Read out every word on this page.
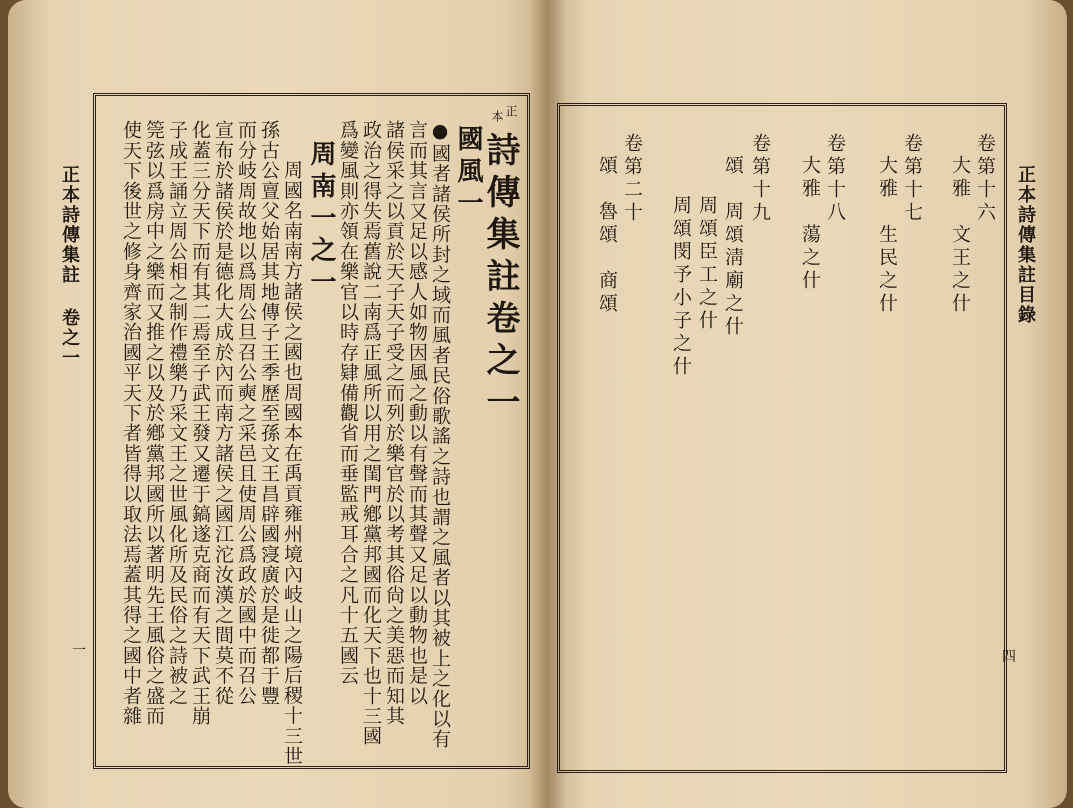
正本詩傳集註 卷之一
一
正
本
詩傳集註卷之一
國風一
●國者諸侯所封之域而風者民俗歌謠之詩也謂之風者以其被上之化以有
言而其言又足以感人如物因風之動以有聲而其聲又足以動物也是以
諸侯采之以貢於天子天子受之而列於樂官於以考其俗尙之美惡而知其
政治之得失焉舊說二南爲正風所以用之閨門鄕黨邦國而化天下也十三國
爲變風則亦領在樂官以時存肄備觀省而垂監戒耳合之凡十五國云
周南一之一
周國名南南方諸侯之國也周國本在禹貢雍州境內岐山之陽后稷十三世
孫古公亶父始居其地傳子王季歷至孫文王昌辟國寖廣於是徙都于豐
而分岐周故地以爲周公旦召公奭之采邑且使周公爲政於國中而召公
宣布於諸侯於是德化大成於內而南方諸侯之國江沱汝漢之間莫不從
化蓋三分天下而有其二焉至子武王發又遷于鎬遂克商而有天下武王崩
子成王誦立周公相之制作禮樂乃采文王之世風化所及民俗之詩被之
筦弦以爲房中之樂而又推之以及於鄕黨邦國所以著明先王風俗之盛而
使天下後世之修身齊家治國平天下者皆得以取法焉蓋其得之國中者雜	正本詩傳集註目錄
四
卷第十六
大雅　文王之什
卷第十七
大雅　生民之什
卷第十八
大雅　蕩之什
卷第十九
頌　周頌淸廟之什
周頌臣工之什
周頌閔予小子之什
卷第二十
頌　魯頌　商頌
